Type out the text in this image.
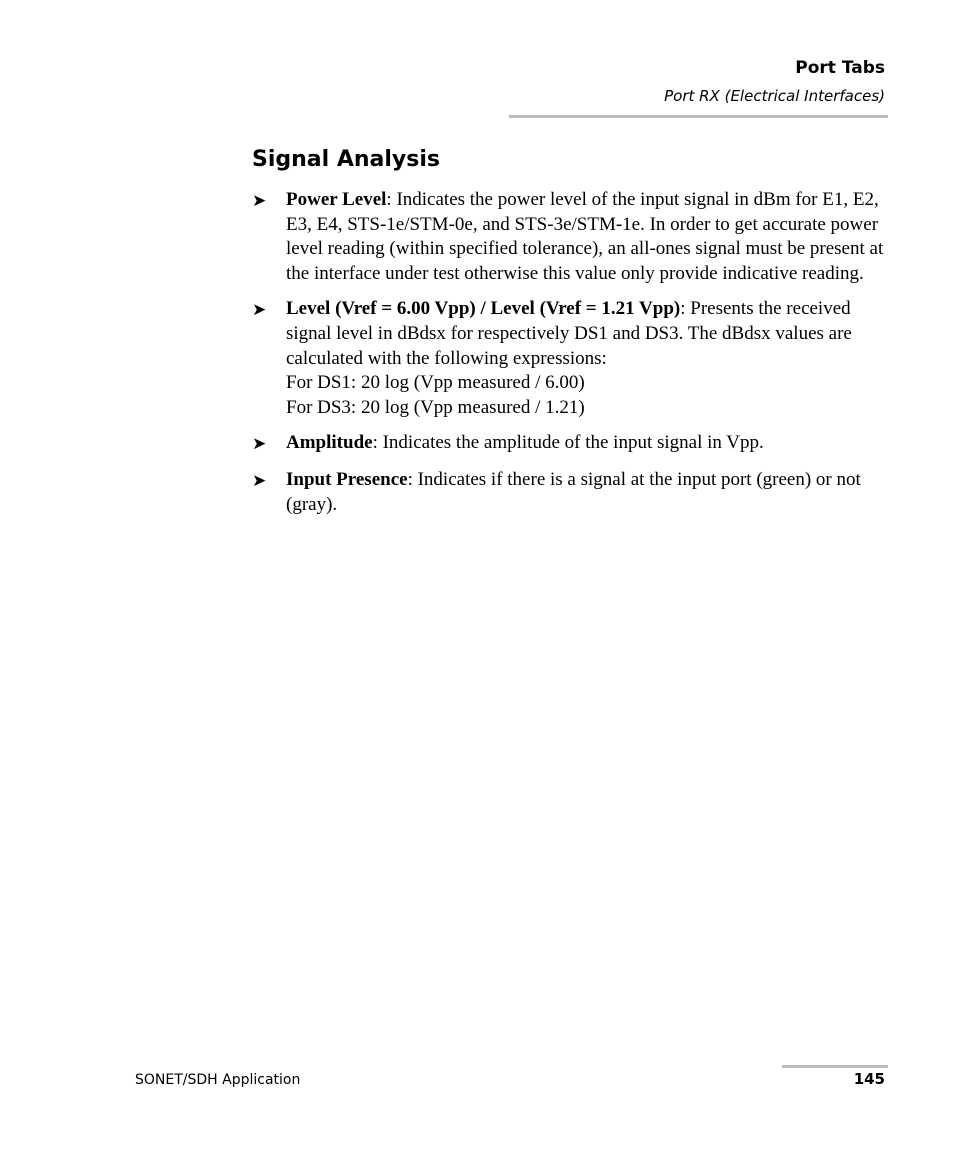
Port Tabs
Port RX (Electrical Interfaces)
Signal Analysis
➤	Power Level: Indicates the power level of the input signal in dBm for E1, E2, E3, E4, STS-1e/STM-0e, and STS-3e/STM-1e. In order to get accurate power level reading (within specified tolerance), an all-ones signal must be present at the interface under test otherwise this value only provide indicative reading.
➤	Level (Vref = 6.00 Vpp) / Level (Vref = 1.21 Vpp): Presents the received signal level in dBdsx for respectively DS1 and DS3. The dBdsx values are calculated with the following expressions:
For DS1: 20 log (Vpp measured / 6.00)
For DS3: 20 log (Vpp measured / 1.21)
➤	Amplitude: Indicates the amplitude of the input signal in Vpp.
➤	Input Presence: Indicates if there is a signal at the input port (green) or not (gray).
SONET/SDH Application	145
